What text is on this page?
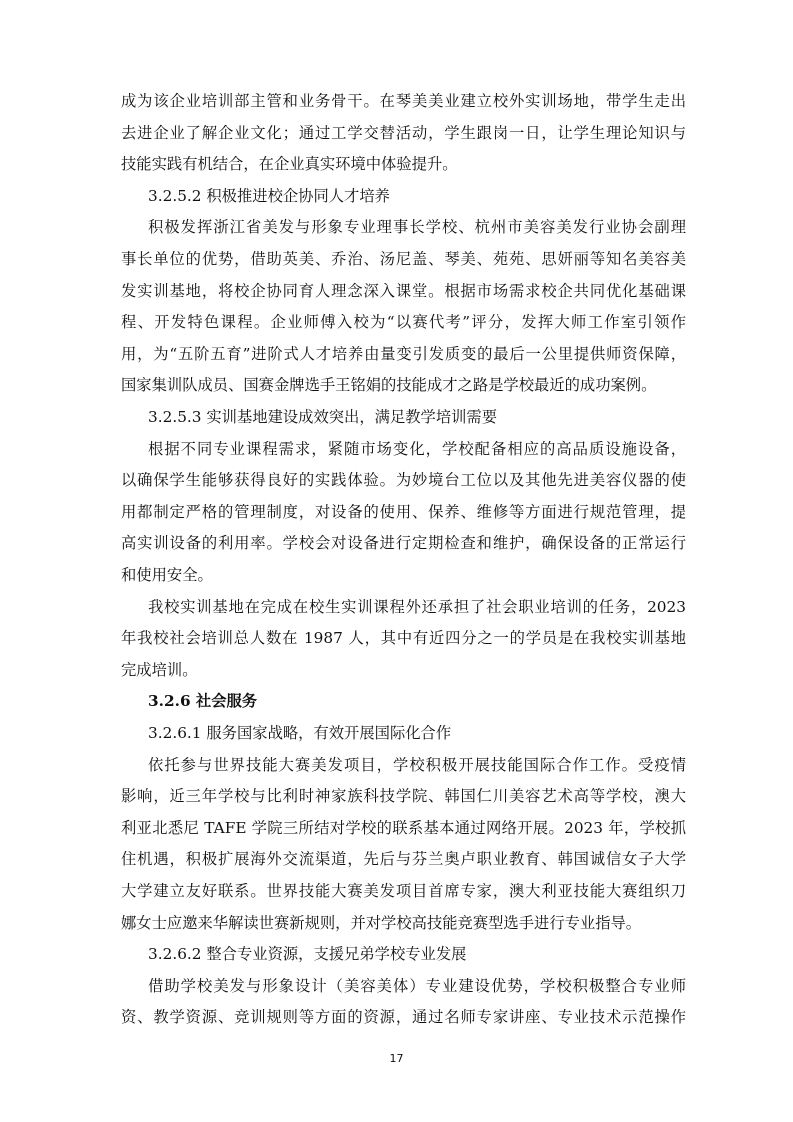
成为该企业培训部主管和业务骨干。在琴美美业建立校外实训场地，带学生走出
去进企业了解企业文化；通过工学交替活动，学生跟岗一日，让学生理论知识与
技能实践有机结合，在企业真实环境中体验提升。
3.2.5.2 积极推进校企协同人才培养
积极发挥浙江省美发与形象专业理事长学校、杭州市美容美发行业协会副理
事长单位的优势，借助英美、乔治、汤尼盖、琴美、苑苑、思妍丽等知名美容美
发实训基地，将校企协同育人理念深入课堂。根据市场需求校企共同优化基础课
程、开发特色课程。企业师傅入校为“以赛代考”评分，发挥大师工作室引领作
用，为“五阶五育”进阶式人才培养由量变引发质变的最后一公里提供师资保障，
国家集训队成员、国赛金牌选手王铭娟的技能成才之路是学校最近的成功案例。
3.2.5.3 实训基地建设成效突出，满足教学培训需要
根据不同专业课程需求，紧随市场变化，学校配备相应的高品质设施设备，
以确保学生能够获得良好的实践体验。为妙境台工位以及其他先进美容仪器的使
用都制定严格的管理制度，对设备的使用、保养、维修等方面进行规范管理，提
高实训设备的利用率。学校会对设备进行定期检查和维护，确保设备的正常运行
和使用安全。
我校实训基地在完成在校生实训课程外还承担了社会职业培训的任务，2023
年我校社会培训总人数在 1987 人，其中有近四分之一的学员是在我校实训基地
完成培训。
3.2.6 社会服务
3.2.6.1 服务国家战略，有效开展国际化合作
依托参与世界技能大赛美发项目，学校积极开展技能国际合作工作。受疫情
影响，近三年学校与比利时神家族科技学院、韩国仁川美容艺术高等学校，澳大
利亚北悉尼 TAFE 学院三所结对学校的联系基本通过网络开展。2023 年，学校抓
住机遇，积极扩展海外交流渠道，先后与芬兰奥卢职业教育、韩国诚信女子大学
大学建立友好联系。世界技能大赛美发项目首席专家，澳大利亚技能大赛组织刀
娜女士应邀来华解读世赛新规则，并对学校高技能竞赛型选手进行专业指导。
3.2.6.2 整合专业资源，支援兄弟学校专业发展
借助学校美发与形象设计（美容美体）专业建设优势，学校积极整合专业师
17
资、教学资源、竞训规则等方面的资源，通过名师专家讲座、专业技术示范操作
